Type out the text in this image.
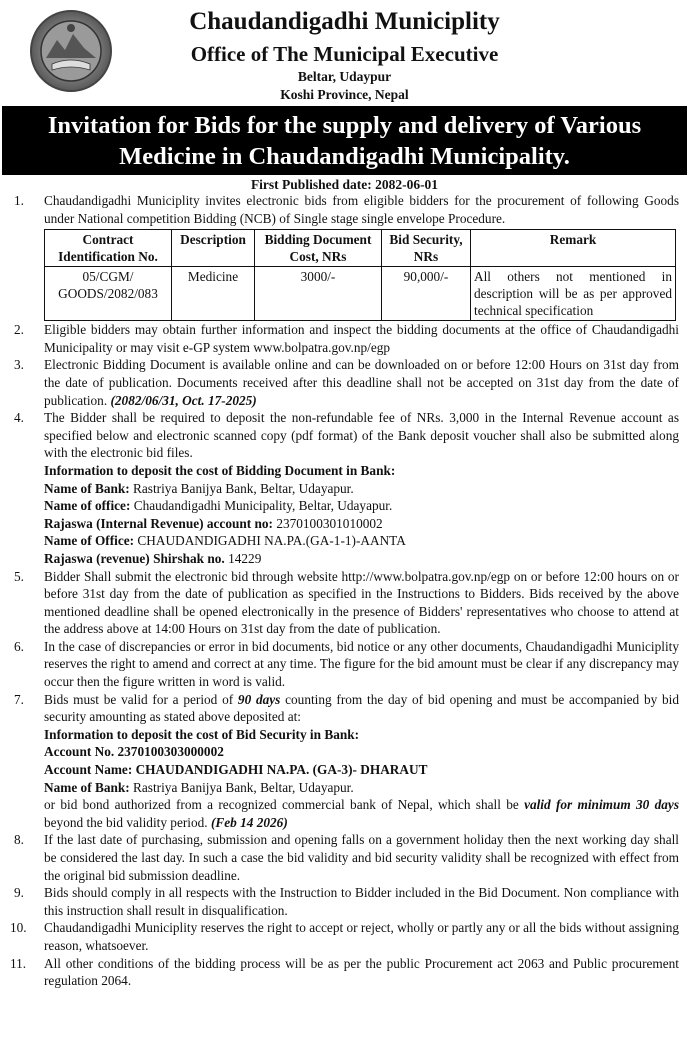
Chaudandigadhi Municiplity
Office of The Municipal Executive
Beltar, Udaypur
Koshi Province, Nepal
Invitation for Bids for the supply and delivery of Various
Medicine in Chaudandigadhi Municipality.
First Published date: 2082-06-01
1. Chaudandigadhi Municiplity invites electronic bids from eligible bidders for the procurement of following Goods under National competition Bidding (NCB) of Single stage single envelope Procedure.
Contract Identification No.	Description	Bidding Document Cost, NRs	Bid Security, NRs	Remark
05/CGM/ GOODS/2082/083	Medicine	3000/-	90,000/-	All others not mentioned in description will be as per approved technical specification
2. Eligible bidders may obtain further information and inspect the bidding documents at the office of Chaudandigadhi Municipality or may visit e-GP system www.bolpatra.gov.np/egp
3. Electronic Bidding Document is available online and can be downloaded on or before 12:00 Hours on 31st day from the date of publication. Documents received after this deadline shall not be accepted on 31st day from the date of publication. (2082/06/31, Oct. 17-2025)
4. The Bidder shall be required to deposit the non-refundable fee of NRs. 3,000 in the Internal Revenue account as specified below and electronic scanned copy (pdf format) of the Bank deposit voucher shall also be submitted along with the electronic bid files.
Information to deposit the cost of Bidding Document in Bank:
Name of Bank: Rastriya Banijya Bank, Beltar, Udayapur.
Name of office: Chaudandigadhi Municipality, Beltar, Udayapur.
Rajaswa (Internal Revenue) account no: 2370100301010002
Name of Office: CHAUDANDIGADHI NA.PA.(GA-1-1)-AANTA
Rajaswa (revenue) Shirshak no. 14229
5. Bidder Shall submit the electronic bid through website http://www.bolpatra.gov.np/egp on or before 12:00 hours on or before 31st day from the date of publication as specified in the Instructions to Bidders. Bids received by the above mentioned deadline shall be opened electronically in the presence of Bidders' representatives who choose to attend at the address above at 14:00 Hours on 31st day from the date of publication.
6. In the case of discrepancies or error in bid documents, bid notice or any other documents, Chaudandigadhi Municiplity reserves the right to amend and correct at any time. The figure for the bid amount must be clear if any discrepancy may occur then the figure written in word is valid.
7. Bids must be valid for a period of 90 days counting from the day of bid opening and must be accompanied by bid security amounting as stated above deposited at:
Information to deposit the cost of Bid Security in Bank:
Account No. 2370100303000002
Account Name: CHAUDANDIGADHI NA.PA. (GA-3)- DHARAUT
Name of Bank: Rastriya Banijya Bank, Beltar, Udayapur.
or bid bond authorized from a recognized commercial bank of Nepal, which shall be valid for minimum 30 days beyond the bid validity period. (Feb 14 2026)
8. If the last date of purchasing, submission and opening falls on a government holiday then the next working day shall be considered the last day. In such a case the bid validity and bid security validity shall be recognized with effect from the original bid submission deadline.
9. Bids should comply in all respects with the Instruction to Bidder included in the Bid Document. Non compliance with this instruction shall result in disqualification.
10. Chaudandigadhi Municiplity reserves the right to accept or reject, wholly or partly any or all the bids without assigning reason, whatsoever.
11. All other conditions of the bidding process will be as per the public Procurement act 2063 and Public procurement regulation 2064.
